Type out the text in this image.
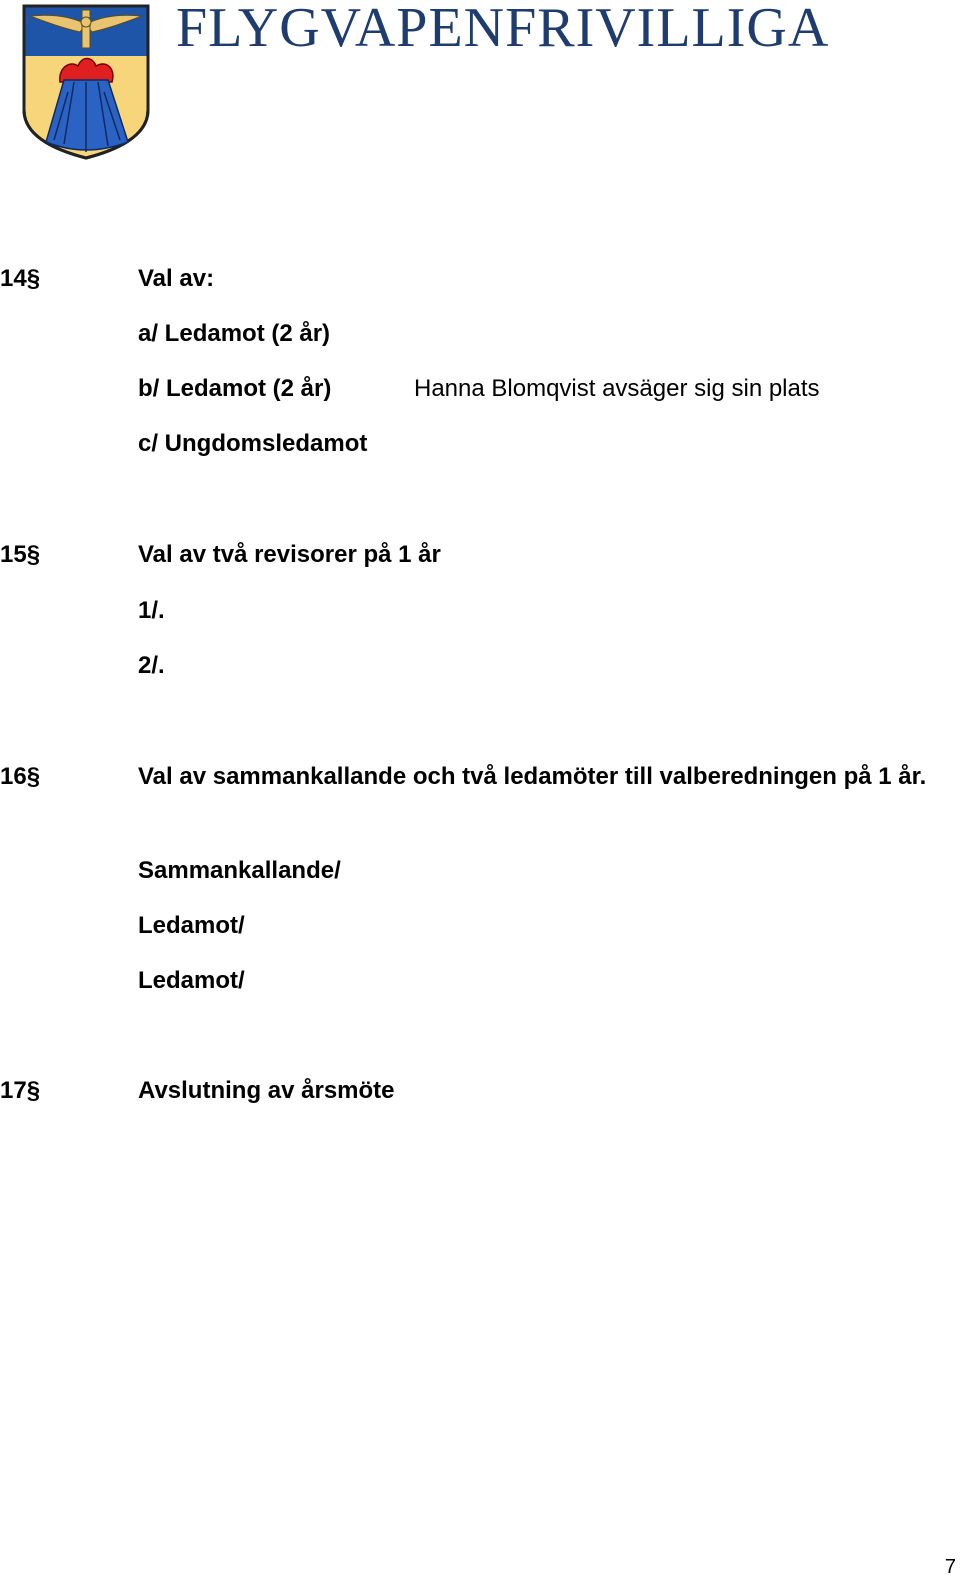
FLYGVAPENFRIVILLIGA
14§	Val av:
a/ Ledamot (2 år)
b/ Ledamot (2 år)	Hanna Blomqvist avsäger sig sin plats
c/ Ungdomsledamot
15§	Val av två revisorer på 1 år
1/.
2/.
16§	Val av sammankallande och två ledamöter till valberedningen på 1 år.
Sammankallande/
Ledamot/
Ledamot/
17§	Avslutning av årsmöte
7
